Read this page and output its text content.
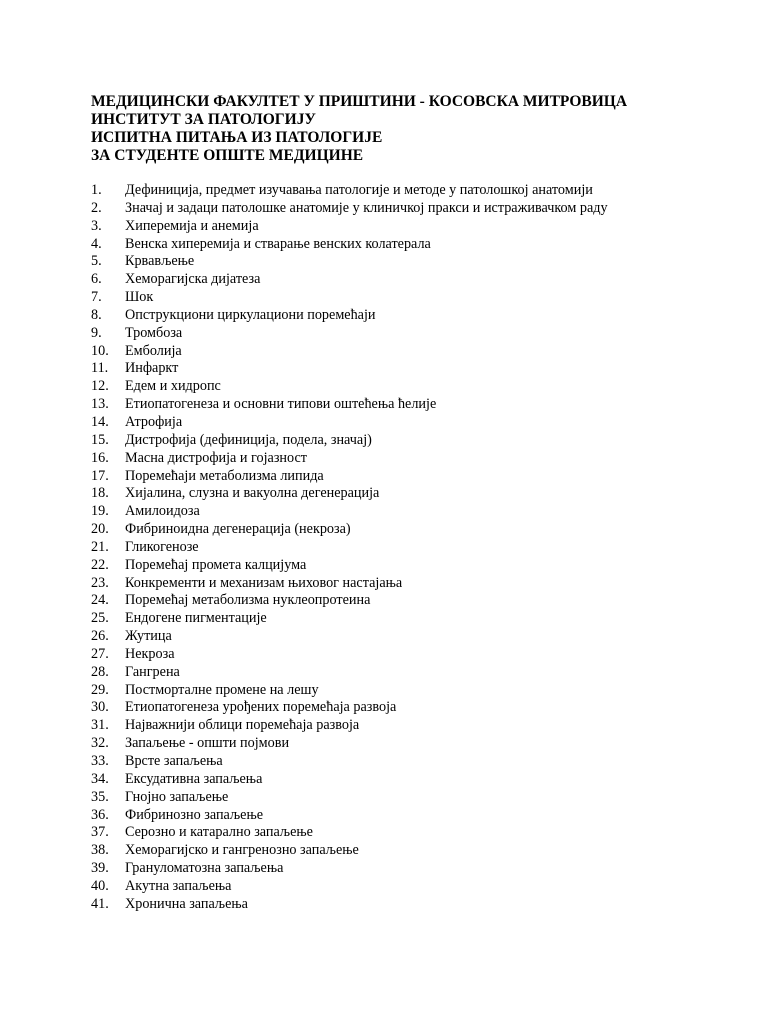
МЕДИЦИНСКИ ФАКУЛТЕТ У ПРИШТИНИ - КОСОВСКА МИТРОВИЦА
ИНСТИТУТ ЗА ПАТОЛОГИЈУ
ИСПИТНА ПИТАЊА ИЗ ПАТОЛОГИЈЕ
ЗА СТУДЕНТЕ ОПШТЕ МЕДИЦИНЕ
1.	Дефиниција, предмет изучавања патологије и методе у патолошкој анатомији
2.	Значај и задаци патолошке анатомије у клиничкој пракси и истраживачком раду
3.	Хиперемија и анемија
4.	Венска хиперемија и стварање венских колатерала
5.	Крвављење
6.	Хеморагијска дијатеза
7.	Шок
8.	Опструкциони циркулациони поремећаји
9.	Тромбоза
10.	Емболија
11.	Инфаркт
12.	Едем и хидропс
13.	Етиопатогенеза и основни типови оштећења ћелије
14.	Атрофија
15.	Дистрофија (дефиниција, подела, значај)
16.	Масна дистрофија и гојазност
17.	Поремећаји метаболизма липида
18.	Хијалина, слузна и вакуолна дегенерација
19.	Амилоидоза
20.	Фибриноидна дегенерација (некроза)
21.	Гликогенозе
22.	Поремећај промета калцијума
23.	Конкременти и механизам њиховог настајања
24.	Поремећај метаболизма нуклеопротеина
25.	Ендогене пигментације
26.	Жутица
27.	Некроза
28.	Гангрена
29.	Постморталне промене на лешу
30.	Етиопатогенеза урођених поремећаја развоја
31.	Најважнији облици поремећаја развоја
32.	Запаљење - општи појмови
33.	Врсте запаљења
34.	Ексудативна запаљења
35.	Гнојно запаљење
36.	Фибринозно запаљење
37.	Серозно и катарално запаљење
38.	Хеморагијско и гангренозно запаљење
39.	Грануломатозна запаљења
40.	Акутна запаљења
41.	Хронична запаљења
